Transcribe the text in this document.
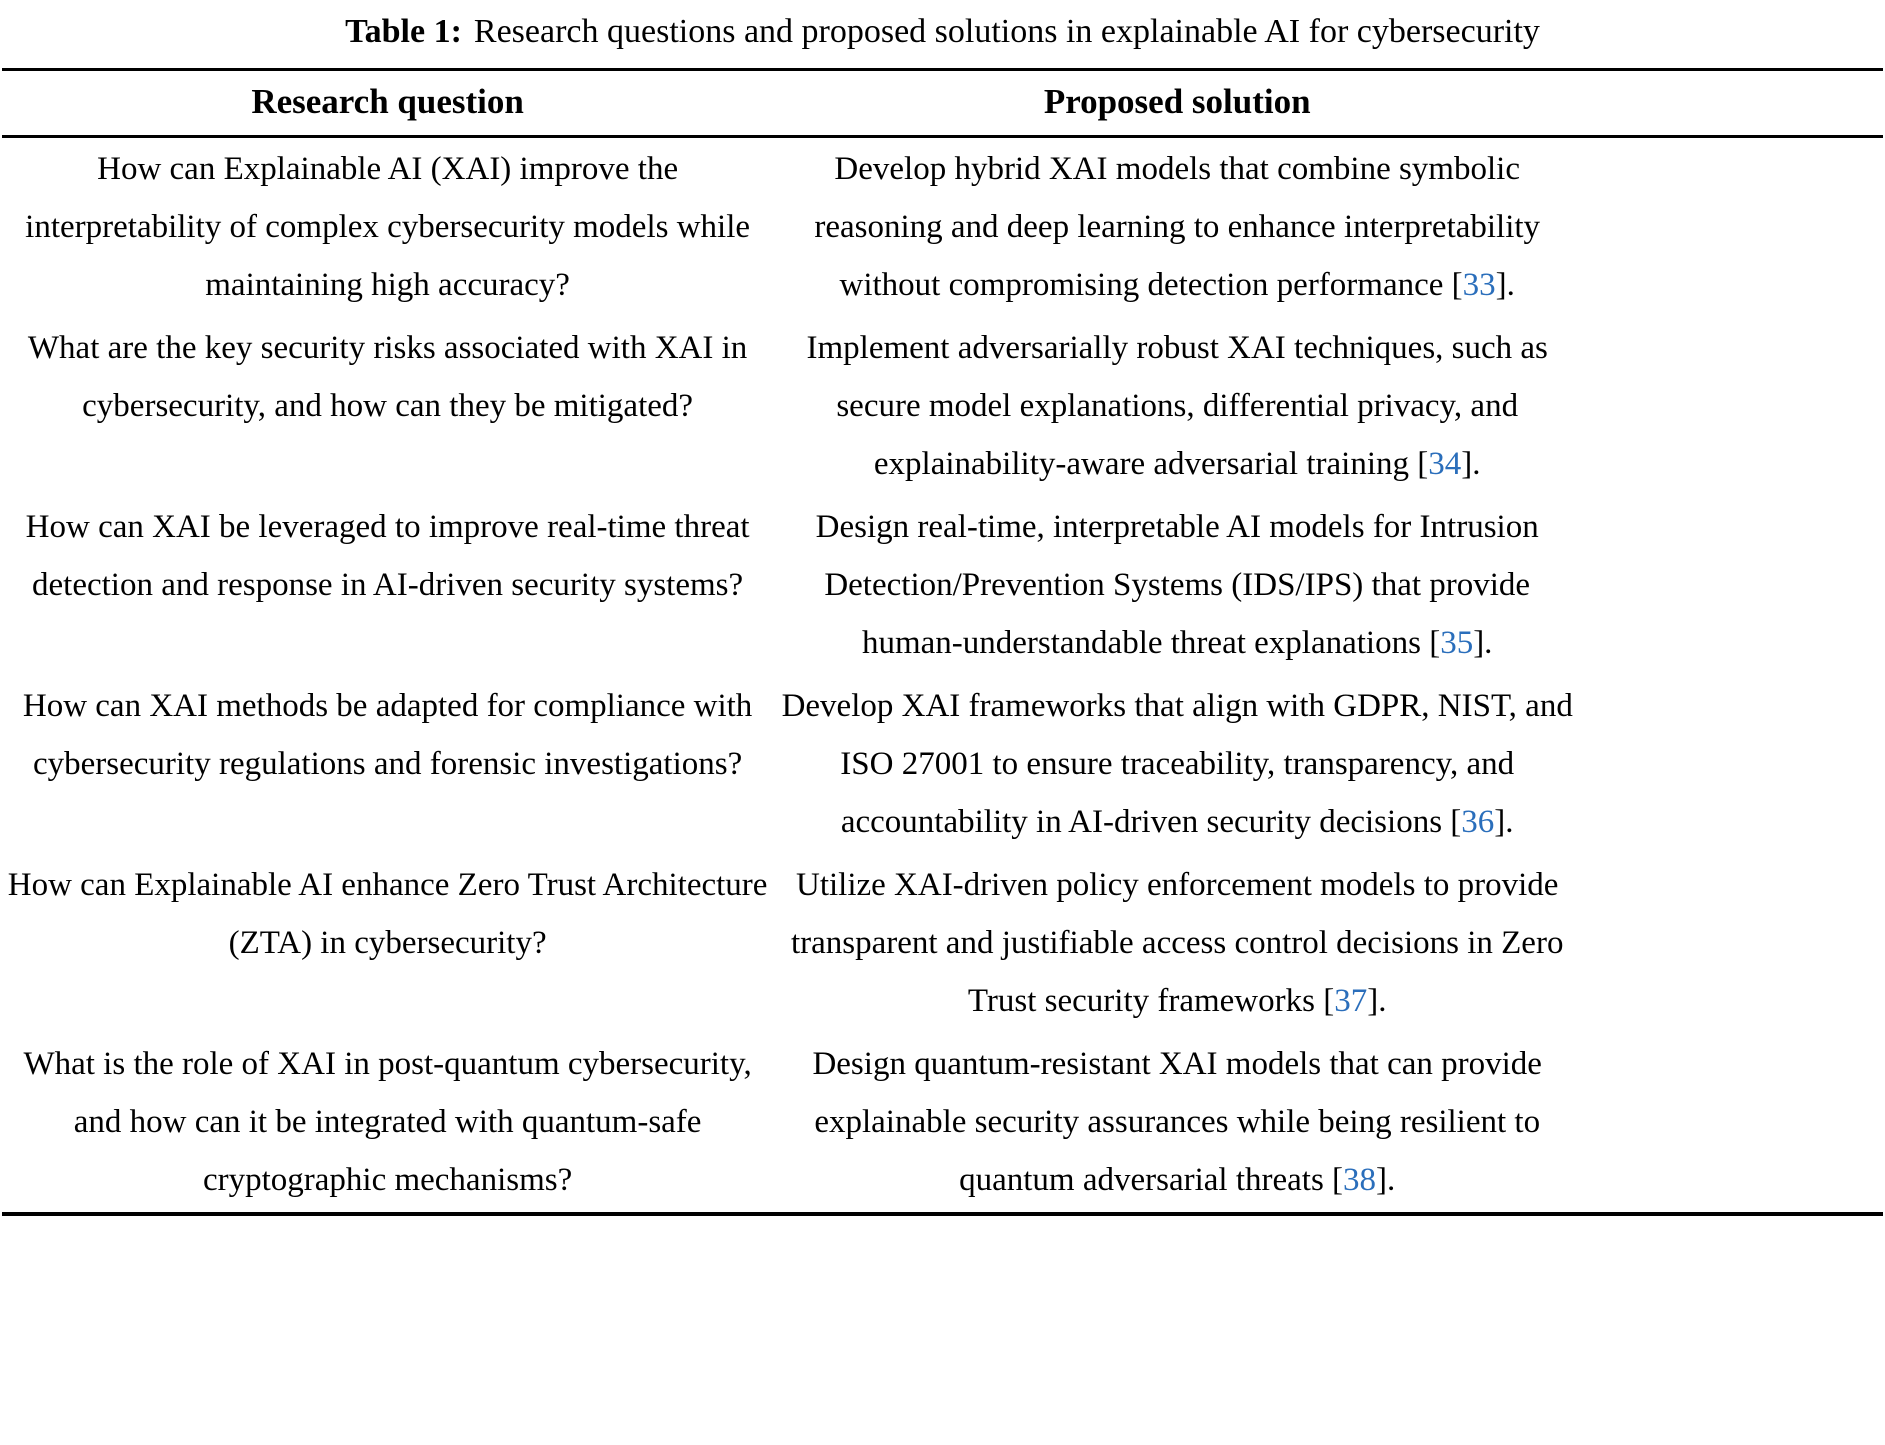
Table 1: Research questions and proposed solutions in explainable AI for cybersecurity
Research question	Proposed solution

How can Explainable AI (XAI) improve the interpretability of complex cybersecurity models while maintaining high accuracy?	Develop hybrid XAI models that combine symbolic reasoning and deep learning to enhance interpretability without compromising detection performance [33].

What are the key security risks associated with XAI in cybersecurity, and how can they be mitigated?	Implement adversarially robust XAI techniques, such as secure model explanations, differential privacy, and explainability-aware adversarial training [34].

How can XAI be leveraged to improve real-time threat detection and response in AI-driven security systems?	Design real-time, interpretable AI models for Intrusion Detection/Prevention Systems (IDS/IPS) that provide human-understandable threat explanations [35].

How can XAI methods be adapted for compliance with cybersecurity regulations and forensic investigations?	Develop XAI frameworks that align with GDPR, NIST, and ISO 27001 to ensure traceability, transparency, and accountability in AI-driven security decisions [36].

How can Explainable AI enhance Zero Trust Architecture (ZTA) in cybersecurity?	Utilize XAI-driven policy enforcement models to provide transparent and justifiable access control decisions in Zero Trust security frameworks [37].

What is the role of XAI in post-quantum cybersecurity, and how can it be integrated with quantum-safe cryptographic mechanisms?	Design quantum-resistant XAI models that can provide explainable security assurances while being resilient to quantum adversarial threats [38].
